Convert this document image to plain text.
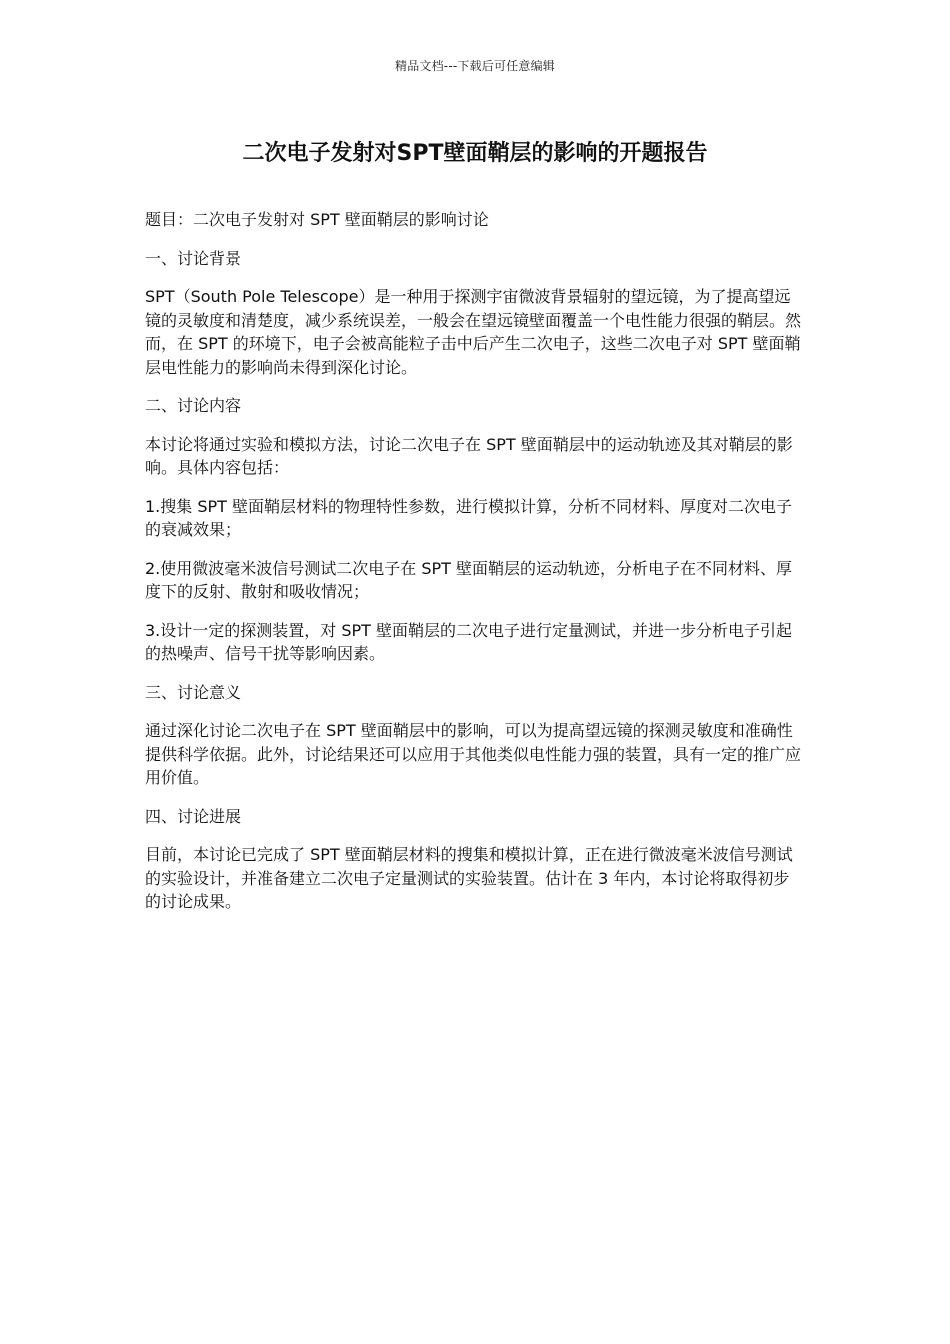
精品文档---下载后可任意编辑
二次电子发射对SPT壁面鞘层的影响的开题报告

题目：二次电子发射对 SPT 壁面鞘层的影响讨论

一、讨论背景

SPT（South Pole Telescope）是一种用于探测宇宙微波背景辐射的望远镜，为了提高望远镜的灵敏度和清楚度，减少系统误差，一般会在望远镜壁面覆盖一个电性能力很强的鞘层。然而，在 SPT 的环境下，电子会被高能粒子击中后产生二次电子，这些二次电子对 SPT 壁面鞘层电性能力的影响尚未得到深化讨论。

二、讨论内容

本讨论将通过实验和模拟方法，讨论二次电子在 SPT 壁面鞘层中的运动轨迹及其对鞘层的影响。具体内容包括：

1.搜集 SPT 壁面鞘层材料的物理特性参数，进行模拟计算，分析不同材料、厚度对二次电子的衰减效果；

2.使用微波毫米波信号测试二次电子在 SPT 壁面鞘层的运动轨迹，分析电子在不同材料、厚度下的反射、散射和吸收情况；

3.设计一定的探测装置，对 SPT 壁面鞘层的二次电子进行定量测试，并进一步分析电子引起的热噪声、信号干扰等影响因素。

三、讨论意义

通过深化讨论二次电子在 SPT 壁面鞘层中的影响，可以为提高望远镜的探测灵敏度和准确性提供科学依据。此外，讨论结果还可以应用于其他类似电性能力强的装置，具有一定的推广应用价值。

四、讨论进展

目前，本讨论已完成了 SPT 壁面鞘层材料的搜集和模拟计算，正在进行微波毫米波信号测试的实验设计，并准备建立二次电子定量测试的实验装置。估计在 3 年内，本讨论将取得初步的讨论成果。
